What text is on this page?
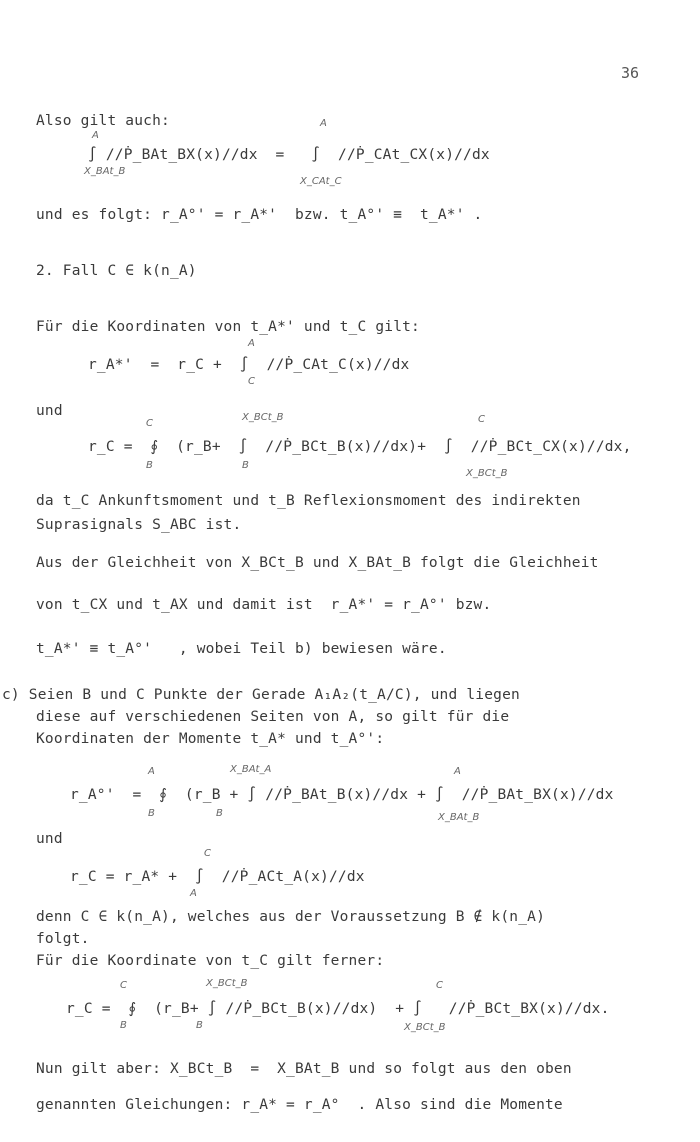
36
Also gilt auch:
A
A
∫ //Ṗ_BAt_BX(x)//dx  =   ∫  //Ṗ_CAt_CX(x)//dx
X_BAt_B
X_CAt_C
und es folgt: r_A°' = r_A*'  bzw. t_A°' ≡  t_A*' .
2. Fall C ∈ k(n_A)
Für die Koordinaten von t_A*' und t_C gilt:
A
r_A*'  =  r_C +  ∫  //Ṗ_CAt_C(x)//dx
C
und
C
X_BCt_B	C
r_C =  ∮  (r_B+  ∫  //Ṗ_BCt_B(x)//dx)+  ∫  //Ṗ_BCt_CX(x)//dx,
B	B
X_BCt_B
da t_C Ankunftsmoment und t_B Reflexionsmoment des indirekten
Suprasignals S_ABC ist.
Aus der Gleichheit von X_BCt_B und X_BAt_B folgt die Gleichheit
von t_CX und t_AX und damit ist  r_A*' = r_A°' bzw.
t_A*' ≡ t_A°'   , wobei Teil b) bewiesen wäre.
c) Seien B und C Punkte der Gerade A₁A₂(t_A/C), und liegen
diese auf verschiedenen Seiten von A, so gilt für die
Koordinaten der Momente t_A* und t_A°':
A	X_BAt_A	A
r_A°'  =  ∮  (r_B + ∫ //Ṗ_BAt_B(x)//dx + ∫  //Ṗ_BAt_BX(x)//dx
B	B	X_BAt_B
und
C
r_C = r_A* +  ∫  //Ṗ_ACt_A(x)//dx
A
denn C ∈ k(n_A), welches aus der Voraussetzung B ∉ k(n_A)
folgt.
Für die Koordinate von t_C gilt ferner:
C	X_BCt_B	C
r_C =  ∮  (r_B+ ∫ //Ṗ_BCt_B(x)//dx)  + ∫   //Ṗ_BCt_BX(x)//dx.
B	B	X_BCt_B
Nun gilt aber: X_BCt_B  =  X_BAt_B und so folgt aus den oben
genannten Gleichungen: r_A* = r_A°  . Also sind die Momente
